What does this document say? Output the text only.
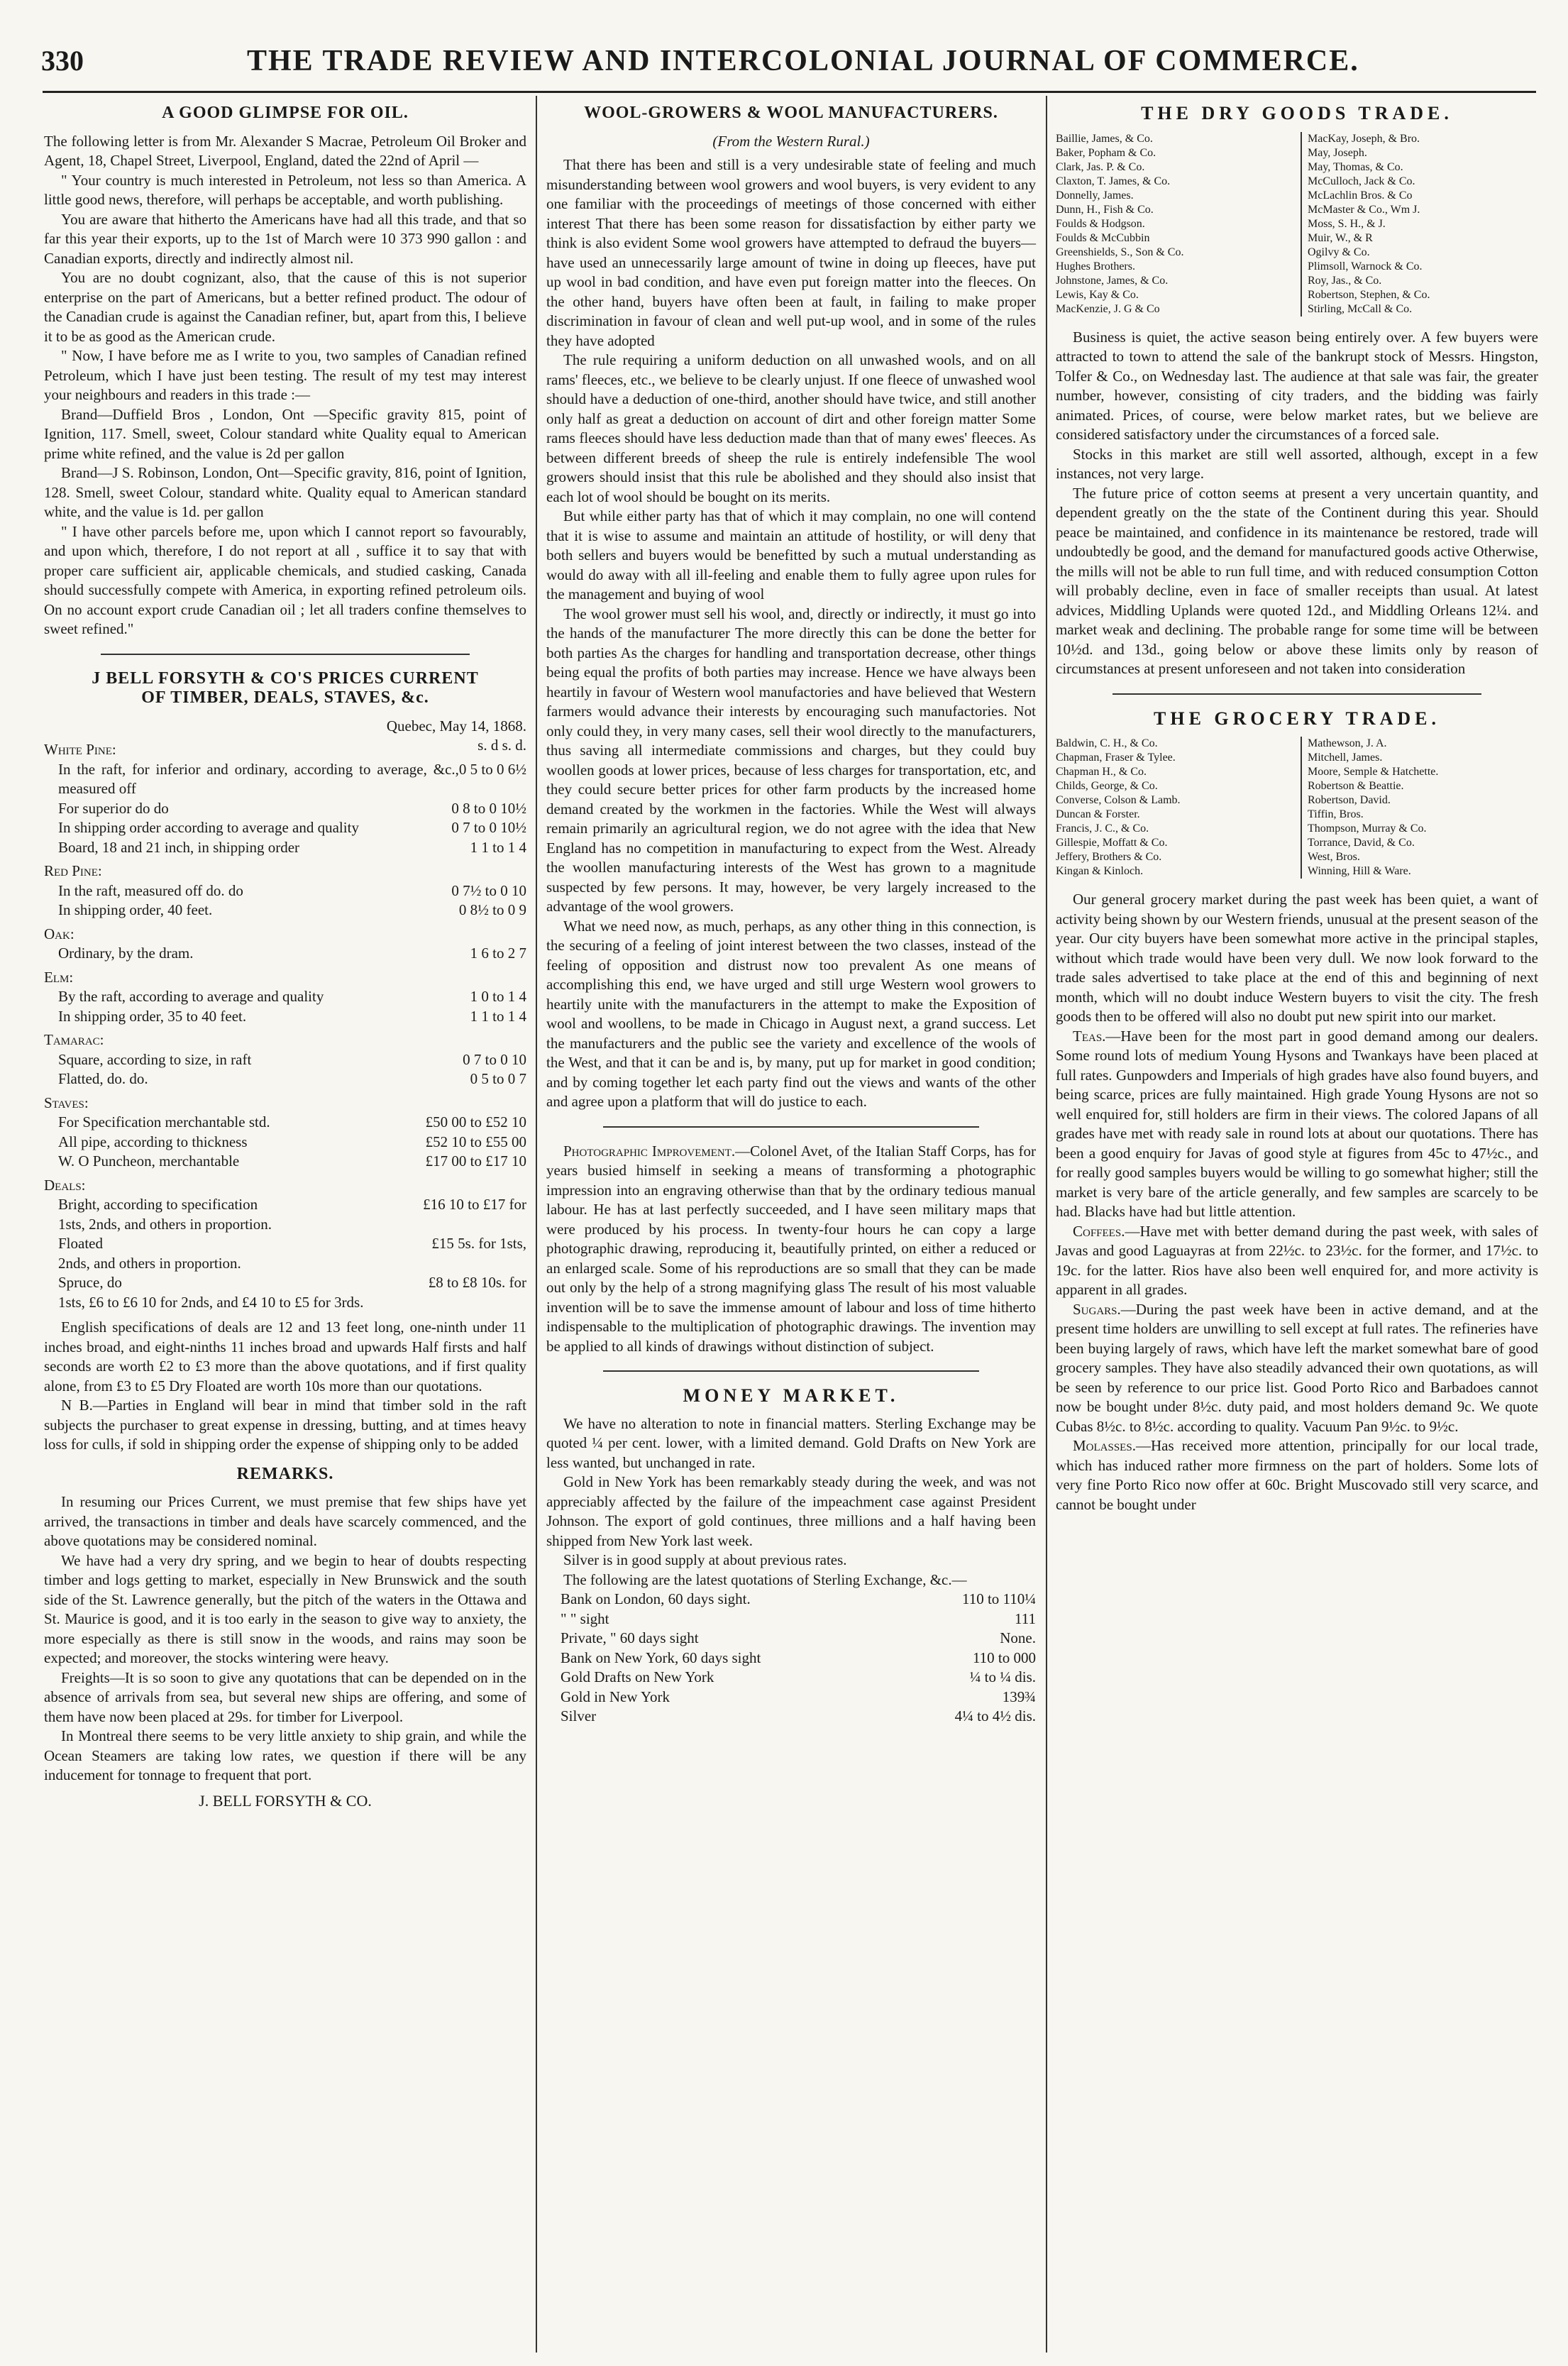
330	THE TRADE REVIEW AND INTERCOLONIAL JOURNAL OF COMMERCE.
A GOOD GLIMPSE FOR OIL.

The following letter is from Mr. Alexander S Macrae, Petroleum Oil Broker and Agent, 18, Chapel Street, Liverpool, England, dated the 22nd of April —

" Your country is much interested in Petroleum, not less so than America. A little good news, therefore, will perhaps be acceptable, and worth publishing.

You are aware that hitherto the Americans have had all this trade, and that so far this year their exports, up to the 1st of March were 10 373 990 gallon : and Canadian exports, directly and indirectly almost nil.

You are no doubt cognizant, also, that the cause of this is not superior enterprise on the part of Americans, but a better refined product. The odour of the Canadian crude is against the Canadian refiner, but, apart from this, I believe it to be as good as the American crude.

" Now, I have before me as I write to you, two samples of Canadian refined Petroleum, which I have just been testing. The result of my test may interest your neighbours and readers in this trade :—

Brand—Duffield Bros , London, Ont —Specific gravity 815, point of Ignition, 117. Smell, sweet, Colour standard white Quality equal to American prime white refined, and the value is 2d per gallon

Brand—J S. Robinson, London, Ont—Specific gravity, 816, point of Ignition, 128. Smell, sweet Colour, standard white. Quality equal to American standard white, and the value is 1d. per gallon

" I have other parcels before me, upon which I cannot report so favourably, and upon which, therefore, I do not report at all , suffice it to say that with proper care sufficient air, applicable chemicals, and studied casking, Canada should successfully compete with America, in exporting refined petroleum oils. On no account export crude Canadian oil ; let all traders confine themselves to sweet refined."

J BELL FORSYTH & CO'S PRICES CURRENT
OF TIMBER, DEALS, STAVES, &c.
Quebec, May 14, 1868.
White Pine:	s. d s. d.
In the raft, for inferior and ordinary, according to average, &c., measured off
0 5 to 0 6½
For superior do do	0 8 to 0 10½
In shipping order according to average and quality	0 7 to 0 10½
Board, 18 and 21 inch, in shipping order	1 1 to 1 4
Red Pine:
In the raft, measured off do. do	0 7½ to 0 10
In shipping order, 40 feet.	0 8½ to 0 9
Oak:
Ordinary, by the dram.	1 6 to 2 7
Elm:
By the raft, according to average and quality	1 0 to 1 4
In shipping order, 35 to 40 feet.	1 1 to 1 4
Tamarac:
Square, according to size, in raft	0 7 to 0 10
Flatted, do. do.	0 5 to 0 7
Staves:
For Specification merchantable std.	£50 00 to £52 10
All pipe, according to thickness	£52 10 to £55 00
W. O Puncheon, merchantable	£17 00 to £17 10
Deals:
Bright, according to specification	£16 10 to £17 for
1sts, 2nds, and others in proportion.
Floated	£15 5s. for 1sts,
2nds, and others in proportion.
Spruce, do	£8 to £8 10s. for
1sts, £6 to £6 10 for 2nds, and £4 10 to £5 for 3rds.

English specifications of deals are 12 and 13 feet long, one-ninth under 11 inches broad, and eight-ninths 11 inches broad and upwards Half firsts and half seconds are worth £2 to £3 more than the above quotations, and if first quality alone, from £3 to £5 Dry Floated are worth 10s more than our quotations.

N B.—Parties in England will bear in mind that timber sold in the raft subjects the purchaser to great expense in dressing, butting, and at times heavy loss for culls, if sold in shipping order the expense of shipping only to be added

REMARKS.

In resuming our Prices Current, we must premise that few ships have yet arrived, the transactions in timber and deals have scarcely commenced, and the above quotations may be considered nominal.

We have had a very dry spring, and we begin to hear of doubts respecting timber and logs getting to market, especially in New Brunswick and the south side of the St. Lawrence generally, but the pitch of the waters in the Ottawa and St. Maurice is good, and it is too early in the season to give way to anxiety, the more especially as there is still snow in the woods, and rains may soon be expected; and moreover, the stocks wintering were heavy.

Freights—It is so soon to give any quotations that can be depended on in the absence of arrivals from sea, but several new ships are offering, and some of them have now been placed at 29s. for timber for Liverpool.

In Montreal there seems to be very little anxiety to ship grain, and while the Ocean Steamers are taking low rates, we question if there will be any inducement for tonnage to frequent that port.

J. BELL FORSYTH & CO.
WOOL-GROWERS & WOOL MANUFACTURERS.
(From the Western Rural.)

That there has been and still is a very undesirable state of feeling and much misunderstanding between wool growers and wool buyers, is very evident to any one familiar with the proceedings of meetings of those concerned with either interest That there has been some reason for dissatisfaction by either party we think is also evident Some wool growers have attempted to defraud the buyers—have used an unnecessarily large amount of twine in doing up fleeces, have put up wool in bad condition, and have even put foreign matter into the fleeces. On the other hand, buyers have often been at fault, in failing to make proper discrimination in favour of clean and well put-up wool, and in some of the rules they have adopted

The rule requiring a uniform deduction on all unwashed wools, and on all rams' fleeces, etc., we believe to be clearly unjust. If one fleece of unwashed wool should have a deduction of one-third, another should have twice, and still another only half as great a deduction on account of dirt and other foreign matter Some rams fleeces should have less deduction made than that of many ewes' fleeces. As between different breeds of sheep the rule is entirely indefensible The wool growers should insist that this rule be abolished and they should also insist that each lot of wool should be bought on its merits.

But while either party has that of which it may complain, no one will contend that it is wise to assume and maintain an attitude of hostility, or will deny that both sellers and buyers would be benefitted by such a mutual understanding as would do away with all ill-feeling and enable them to fully agree upon rules for the management and buying of wool

The wool grower must sell his wool, and, directly or indirectly, it must go into the hands of the manufacturer The more directly this can be done the better for both parties As the charges for handling and transportation decrease, other things being equal the profits of both parties may increase. Hence we have always been heartily in favour of Western wool manufactories and have believed that Western farmers would advance their interests by encouraging such manufactories. Not only could they, in very many cases, sell their wool directly to the manufacturers, thus saving all intermediate commissions and charges, but they could buy woollen goods at lower prices, because of less charges for transportation, etc, and they could secure better prices for other farm products by the increased home demand created by the workmen in the factories. While the West will always remain primarily an agricultural region, we do not agree with the idea that New England has no competition in manufacturing to expect from the West. Already the woollen manufacturing interests of the West has grown to a magnitude suspected by few persons. It may, however, be very largely increased to the advantage of the wool growers.

What we need now, as much, perhaps, as any other thing in this connection, is the securing of a feeling of joint interest between the two classes, instead of the feeling of opposition and distrust now too prevalent As one means of accomplishing this end, we have urged and still urge Western wool growers to heartily unite with the manufacturers in the attempt to make the Exposition of wool and woollens, to be made in Chicago in August next, a grand success. Let the manufacturers and the public see the variety and excellence of the wools of the West, and that it can be and is, by many, put up for market in good condition; and by coming together let each party find out the views and wants of the other and agree upon a platform that will do justice to each.

Photographic Improvement.—Colonel Avet, of the Italian Staff Corps, has for years busied himself in seeking a means of transforming a photographic impression into an engraving otherwise than that by the ordinary tedious manual labour. He has at last perfectly succeeded, and I have seen military maps that were produced by his process. In twenty-four hours he can copy a large photographic drawing, reproducing it, beautifully printed, on either a reduced or an enlarged scale. Some of his reproductions are so small that they can be made out only by the help of a strong magnifying glass The result of his most valuable invention will be to save the immense amount of labour and loss of time hitherto indispensable to the multiplication of photographic drawings. The invention may be applied to all kinds of drawings without distinction of subject.

MONEY MARKET.

We have no alteration to note in financial matters. Sterling Exchange may be quoted ¼ per cent. lower, with a limited demand. Gold Drafts on New York are less wanted, but unchanged in rate.

Gold in New York has been remarkably steady during the week, and was not appreciably affected by the failure of the impeachment case against President Johnson. The export of gold continues, three millions and a half having been shipped from New York last week.

Silver is in good supply at about previous rates.

The following are the latest quotations of Sterling Exchange, &c.—

Bank on London, 60 days sight.	110 to 110¼
" " sight	111
Private, " 60 days sight	None.
Bank on New York, 60 days sight	110 to 000
Gold Drafts on New York	¼ to ¼ dis.
Gold in New York	139¾
Silver	4¼ to 4½ dis.
THE DRY GOODS TRADE.
Baillie, James, & Co.
Baker, Popham & Co.
Clark, Jas. P. & Co.
Claxton, T. James, & Co.
Donnelly, James.
Dunn, H., Fish & Co.
Foulds & Hodgson.
Foulds & McCubbin
Greenshields, S., Son & Co.
Hughes Brothers.
Johnstone, James, & Co.
Lewis, Kay & Co.
MacKenzie, J. G & Co
MacKay, Joseph, & Bro.
May, Joseph.
May, Thomas, & Co.
McCulloch, Jack & Co.
McLachlin Bros. & Co
McMaster & Co., Wm J.
Moss, S. H., & J.
Muir, W., & R
Ogilvy & Co.
Plimsoll, Warnock & Co.
Roy, Jas., & Co.
Robertson, Stephen, & Co.
Stirling, McCall & Co.

Business is quiet, the active season being entirely over. A few buyers were attracted to town to attend the sale of the bankrupt stock of Messrs. Hingston, Tolfer & Co., on Wednesday last. The audience at that sale was fair, the greater number, however, consisting of city traders, and the bidding was fairly animated. Prices, of course, were below market rates, but we believe are considered satisfactory under the circumstances of a forced sale.

Stocks in this market are still well assorted, although, except in a few instances, not very large.

The future price of cotton seems at present a very uncertain quantity, and dependent greatly on the the state of the Continent during this year. Should peace be maintained, and confidence in its maintenance be restored, trade will undoubtedly be good, and the demand for manufactured goods active Otherwise, the mills will not be able to run full time, and with reduced consumption Cotton will probably decline, even in face of smaller receipts than usual. At latest advices, Middling Uplands were quoted 12d., and Middling Orleans 12¼. and market weak and declining. The probable range for some time will be between 10½d. and 13d., going below or above these limits only by reason of circumstances at present unforeseen and not taken into consideration

THE GROCERY TRADE.
Baldwin, C. H., & Co.
Chapman, Fraser & Tylee.
Chapman H., & Co.
Childs, George, & Co.
Converse, Colson & Lamb.
Duncan & Forster.
Francis, J. C., & Co.
Gillespie, Moffatt & Co.
Jeffery, Brothers & Co.
Kingan & Kinloch.
Mathewson, J. A.
Mitchell, James.
Moore, Semple & Hatchette.
Robertson & Beattie.
Robertson, David.
Tiffin, Bros.
Thompson, Murray & Co.
Torrance, David, & Co.
West, Bros.
Winning, Hill & Ware.

Our general grocery market during the past week has been quiet, a want of activity being shown by our Western friends, unusual at the present season of the year. Our city buyers have been somewhat more active in the principal staples, without which trade would have been very dull. We now look forward to the trade sales advertised to take place at the end of this and beginning of next month, which will no doubt induce Western buyers to visit the city. The fresh goods then to be offered will also no doubt put new spirit into our market.

Teas.—Have been for the most part in good demand among our dealers. Some round lots of medium Young Hysons and Twankays have been placed at full rates. Gunpowders and Imperials of high grades have also found buyers, and being scarce, prices are fully maintained. High grade Young Hysons are not so well enquired for, still holders are firm in their views. The colored Japans of all grades have met with ready sale in round lots at about our quotations. There has been a good enquiry for Javas of good style at figures from 45c to 47½c., and for really good samples buyers would be willing to go somewhat higher; still the market is very bare of the article generally, and few samples are scarcely to be had. Blacks have had but little attention.

Coffees.—Have met with better demand during the past week, with sales of Javas and good Laguayras at from 22½c. to 23½c. for the former, and 17½c. to 19c. for the latter. Rios have also been well enquired for, and more activity is apparent in all grades.

Sugars.—During the past week have been in active demand, and at the present time holders are unwilling to sell except at full rates. The refineries have been buying largely of raws, which have left the market somewhat bare of good grocery samples. They have also steadily advanced their own quotations, as will be seen by reference to our price list. Good Porto Rico and Barbadoes cannot now be bought under 8½c. duty paid, and most holders demand 9c. We quote Cubas 8½c. to 8½c. according to quality. Vacuum Pan 9½c. to 9½c.

Molasses.—Has received more attention, principally for our local trade, which has induced rather more firmness on the part of holders. Some lots of very fine Porto Rico now offer at 60c. Bright Muscovado still very scarce, and cannot be bought under
